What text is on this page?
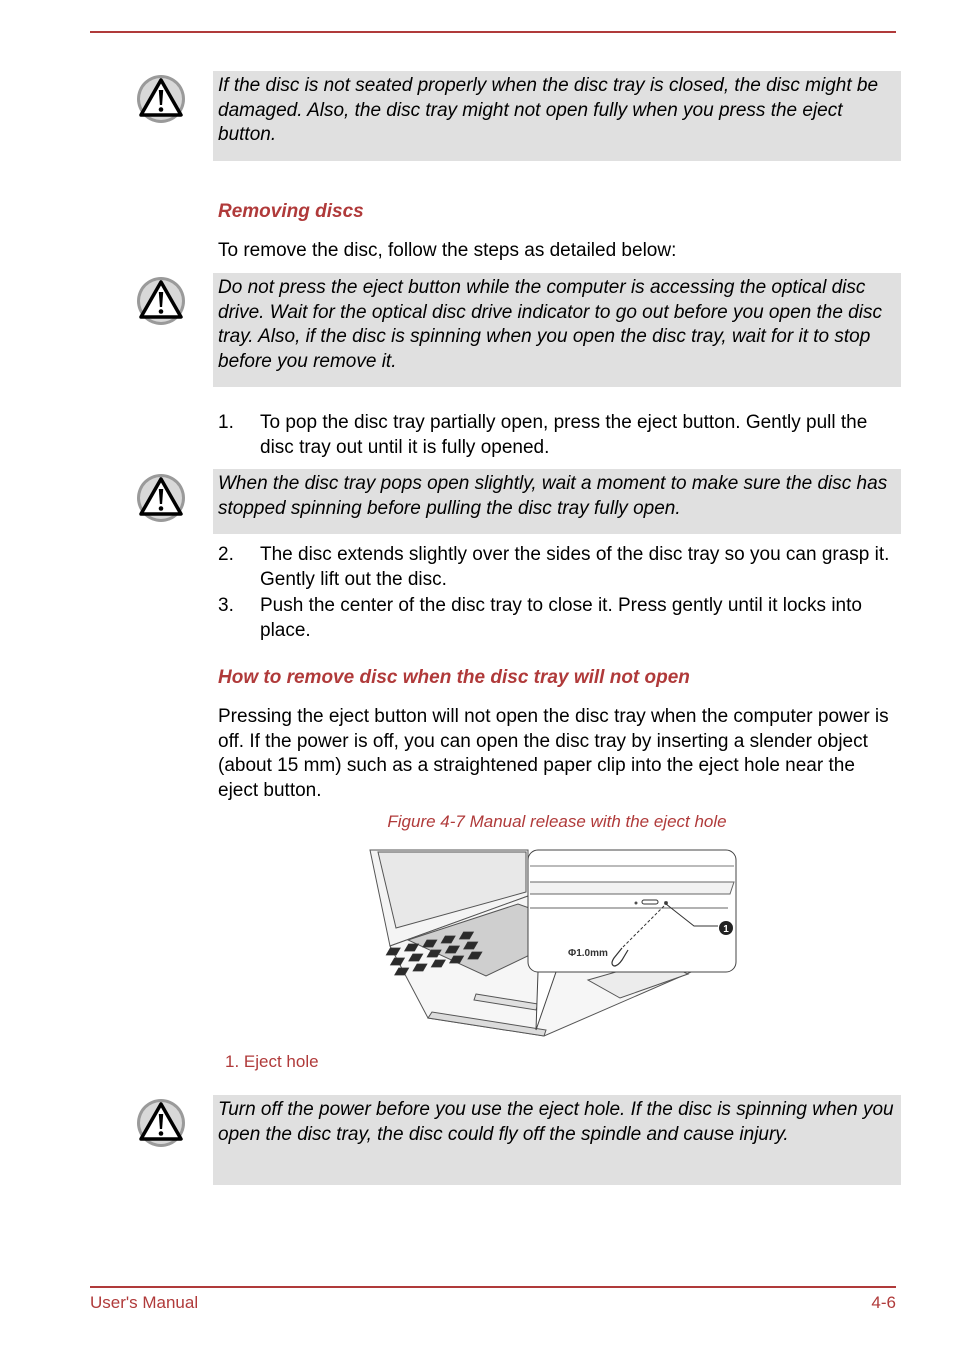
If the disc is not seated properly when the disc tray is closed, the disc might be damaged. Also, the disc tray might not open fully when you press the eject button.

Removing discs

To remove the disc, follow the steps as detailed below:

Do not press the eject button while the computer is accessing the optical disc drive. Wait for the optical disc drive indicator to go out before you open the disc tray. Also, if the disc is spinning when you open the disc tray, wait for it to stop before you remove it.

1. To pop the disc tray partially open, press the eject button. Gently pull the disc tray out until it is fully opened.

When the disc tray pops open slightly, wait a moment to make sure the disc has stopped spinning before pulling the disc tray fully open.

2. The disc extends slightly over the sides of the disc tray so you can grasp it. Gently lift out the disc.
3. Push the center of the disc tray to close it. Press gently until it locks into place.
How to remove disc when the disc tray will not open

Pressing the eject button will not open the disc tray when the computer power is off. If the power is off, you can open the disc tray by inserting a slender object (about 15 mm) such as a straightened paper clip into the eject hole near the eject button.

Figure 4-7 Manual release with the eject hole
1
Φ1.0mm
1. Eject hole

Turn off the power before you use the eject hole. If the disc is spinning when you open the disc tray, the disc could fly off the spindle and cause injury.

User's Manual	4-6
